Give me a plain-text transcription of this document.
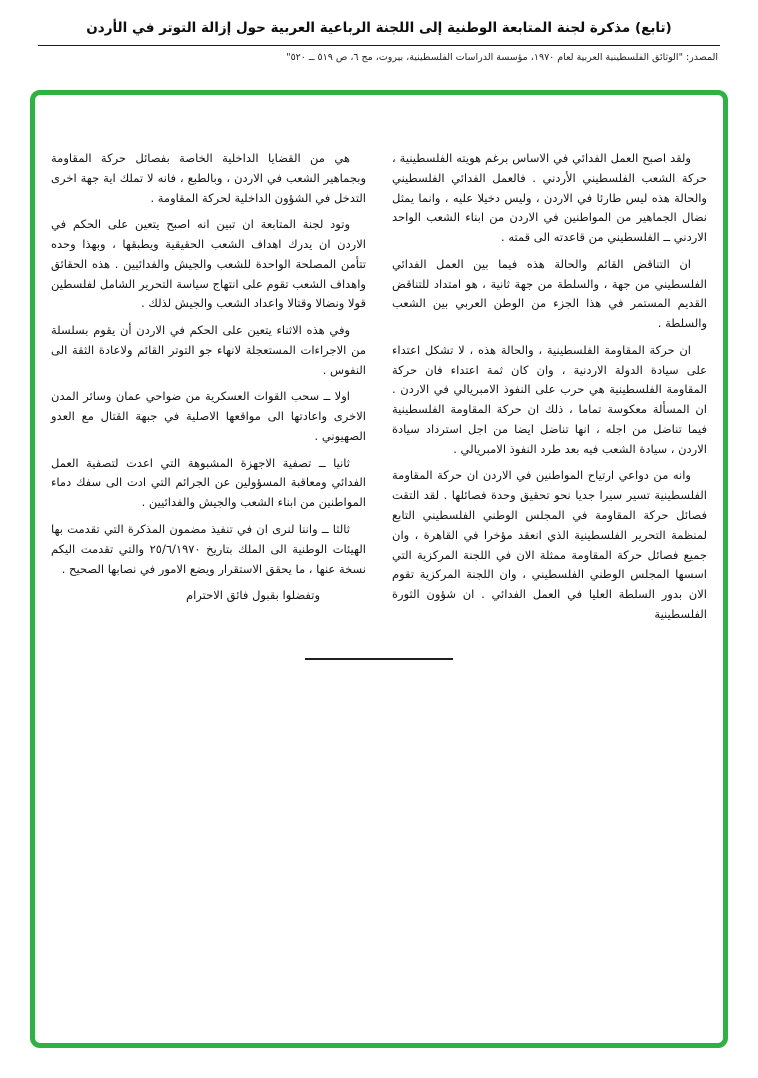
(تابع) مذكرة لجنة المتابعة الوطنية إلى اللجنة الرباعية العربية حول إزالة التوتر في الأردن
المصدر: "الوثائق الفلسطينية العربية لعام ١٩٧٠، مؤسسة الدراسات الفلسطينية، بيروت، مج ٦، ص ٥١٩ ــ ٥٢٠"

ولقد اصبح العمل الفدائي في الاساس برغم هويته الفلسطينية ، حركة الشعب الفلسطيني الأردني . فالعمل الفدائي الفلسطيني والحالة هذه ليس طارئا في الاردن ، وليس دخيلا عليه ، وانما يمثل نضال الجماهير من المواطنين في الاردن من ابناء الشعب الواحد الاردني ــ الفلسطيني من قاعدته الى قمته .

ان التناقض القائم والحالة هذه فيما بين العمل الفدائي الفلسطيني من جهة ، والسلطة من جهة ثانية ، هو امتداد للتناقض القديم المستمر في هذا الجزء من الوطن العربي بين الشعب والسلطة .

ان حركة المقاومة الفلسطينية ، والحالة هذه ، لا تشكل اعتداء على سيادة الدولة الاردنية ، وان كان ثمة اعتداء فان حركة المقاومة الفلسطينية هي حرب على النفوذ الامبريالي في الاردن . ان المسألة معكوسة تماما ، ذلك ان حركة المقاومة الفلسطينية فيما تناضل من اجله ، انها تناضل ايضا من اجل استرداد سيادة الاردن ، سيادة الشعب فيه بعد طرد النفوذ الامبريالي .

وانه من دواعي ارتياح المواطنين في الاردن ان حركة المقاومة الفلسطينية تسير سيرا جديا نحو تحقيق وحدة فصائلها . لقد التقت فصائل حركة المقاومة في المجلس الوطني الفلسطيني التابع لمنظمة التحرير الفلسطينية الذي انعقد مؤخرا في القاهرة ، وان جميع فصائل حركة المقاومة ممثلة الان في اللجنة المركزية التي اسسها المجلس الوطني الفلسطيني ، وان اللجنة المركزية تقوم الان بدور السلطة العليا في العمل الفدائي . ان شؤون الثورة الفلسطينية

هي من القضايا الداخلية الخاصة بفصائل حركة المقاومة وبجماهير الشعب في الاردن ، وبالطبع ، فانه لا تملك اية جهة اخرى التدخل في الشؤون الداخلية لحركة المقاومة .

وتود لجنة المتابعة ان تبين انه اصبح يتعين على الحكم في الاردن ان يدرك اهداف الشعب الحقيقية ويطبقها ، وبهذا وحده تتأمن المصلحة الواحدة للشعب والجيش والفدائيين . هذه الحقائق واهداف الشعب تقوم على انتهاج سياسة التحرير الشامل لفلسطين قولا ونضالا وقتالا واعداد الشعب والجيش لذلك .

وفي هذه الاثناء يتعين على الحكم في الاردن أن يقوم بسلسلة من الاجراءات المستعجلة لانهاء جو التوتر القائم ولاعادة الثقة الى النفوس .

اولا ــ سحب القوات العسكرية من ضواحي عمان وسائر المدن الاخرى واعادتها الى مواقعها الاصلية في جبهة القتال مع العدو الصهيوني .

ثانيا ــ تصفية الاجهزة المشبوهة التي اعدت لتصفية العمل الفدائي ومعاقبة المسؤولين عن الجرائم التي ادت الى سفك دماء المواطنين من ابناء الشعب والجيش والفدائيين .

ثالثا ــ واننا لنرى ان في تنفيذ مضمون المذكرة التي تقدمت بها الهيئات الوطنية الى الملك بتاريخ ٢٥/٦/١٩٧٠ والتي تقدمت اليكم نسخة عنها ، ما يحقق الاستقرار ويضع الامور في نصابها الصحيح .

وتفضلوا بقبول فائق الاحترام
